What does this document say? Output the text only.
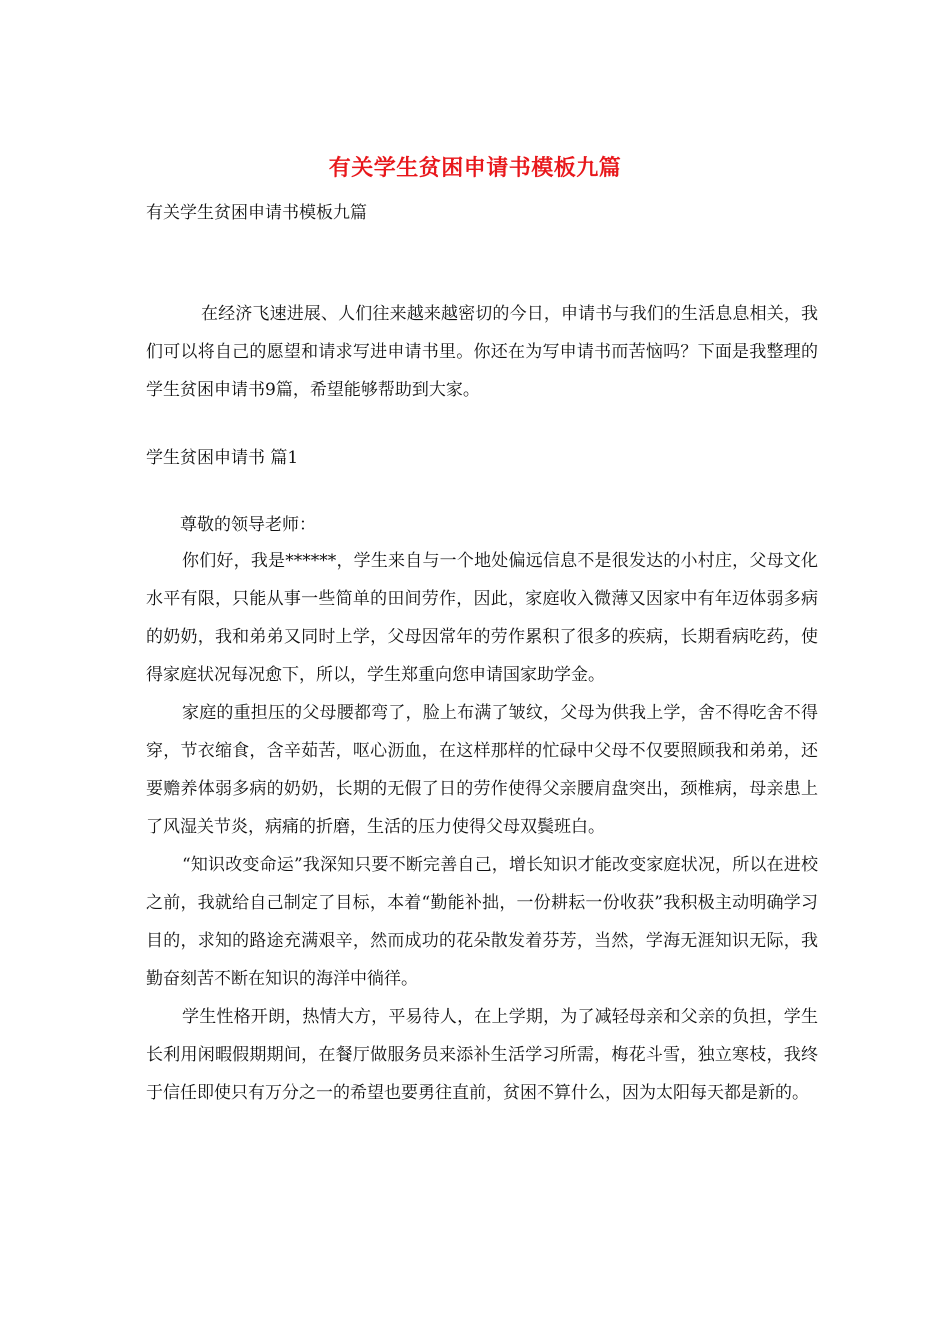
有关学生贫困申请书模板九篇
有关学生贫困申请书模板九篇
在经济飞速进展、人们往来越来越密切的今日，申请书与我们的生活息息相关，我们可以将自己的愿望和请求写进申请书里。你还在为写申请书而苦恼吗？下面是我整理的学生贫困申请书9篇，希望能够帮助到大家。
学生贫困申请书 篇1

尊敬的领导老师：

你们好，我是******，学生来自与一个地处偏远信息不是很发达的小村庄，父母文化水平有限，只能从事一些简单的田间劳作，因此，家庭收入微薄又因家中有年迈体弱多病的奶奶，我和弟弟又同时上学，父母因常年的劳作累积了很多的疾病，长期看病吃药，使得家庭状况每况愈下，所以，学生郑重向您申请国家助学金。

家庭的重担压的父母腰都弯了，脸上布满了皱纹，父母为供我上学，舍不得吃舍不得穿，节衣缩食，含辛茹苦，呕心沥血，在这样那样的忙碌中父母不仅要照顾我和弟弟，还要赡养体弱多病的奶奶，长期的无假了日的劳作使得父亲腰肩盘突出，颈椎病，母亲患上了风湿关节炎，病痛的折磨，生活的压力使得父母双鬓班白。

“知识改变命运”我深知只要不断完善自己，增长知识才能改变家庭状况，所以在进校之前，我就给自己制定了目标，本着“勤能补拙，一份耕耘一份收获”我积极主动明确学习目的，求知的路途充满艰辛，然而成功的花朵散发着芬芳，当然，学海无涯知识无际，我勤奋刻苦不断在知识的海洋中徜徉。

学生性格开朗，热情大方，平易待人，在上学期，为了减轻母亲和父亲的负担，学生长利用闲暇假期期间，在餐厅做服务员来添补生活学习所需，梅花斗雪，独立寒枝，我终于信任即使只有万分之一的希望也要勇往直前，贫困不算什么，因为太阳每天都是新的。
